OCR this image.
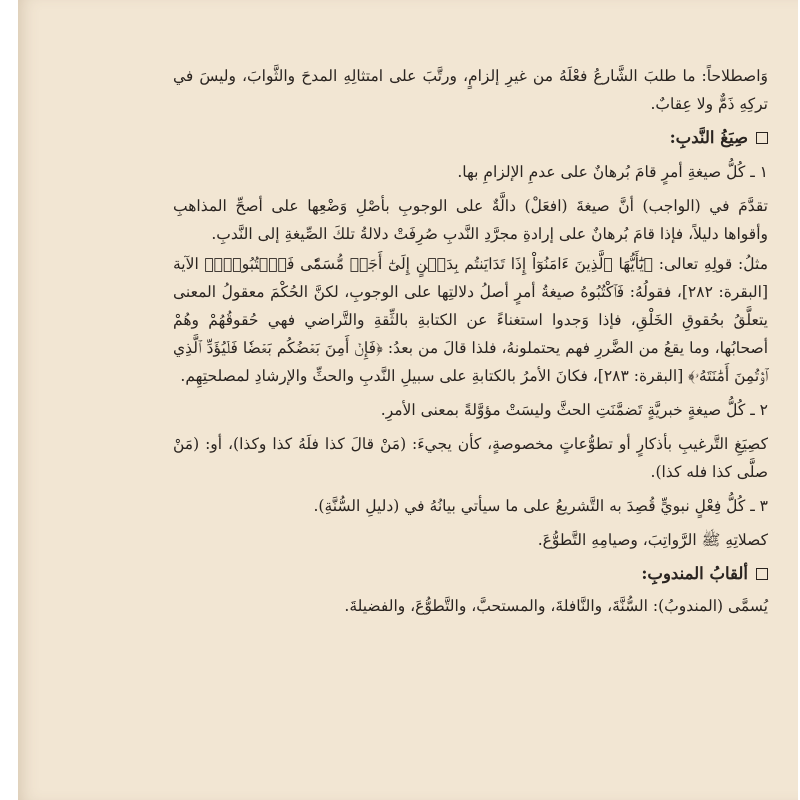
وَاصطلاحاً: ما طلبَ الشَّارعُ فعْلَهُ من غيرِ إلزامٍ، ورتَّبَ على امتثالِهِ المدحَ والثَّوابَ، وليسَ في تركِهِ ذَمٌّ ولا عِقابٌ.

صِيَغُ النَّدبِ:

١ ـ كُلُّ صيغةِ أمرٍ قامَ بُرهانٌ على عدمِ الإلزامِ بها.

تقدَّمَ في (الواجب) أنَّ صيغةَ (افعَلْ) دالَّةٌ على الوجوبِ بأصْلِ وَضْعِها على أصحِّ المذاهبِ وأقواها دليلاً، فإذا قامَ بُرهانٌ على إرادةِ مجرَّدِ النَّدبِ صُرِفَتْ دلالةُ تلكَ الصِّيغةِ إلى النَّدبِ.

مثلُ: قولِهِ تعالى: ﴿يَٰٓأَيُّهَا ٱلَّذِينَ ءَامَنُوٓاْ إِذَا تَدَايَنتُم بِدَيۡنٍ إِلَىٰٓ أَجَلٖ مُّسَمّٗى فَٱكۡتُبُوهُۚ﴾ الآية [البقرة: ٢٨٢]، فقولُهُ: فَٱكْتُبُوهُ صيغةُ أمرٍ أصلُ دلالتِها على الوجوبِ، لكنَّ الحُكْمَ معقولُ المعنى يتعلَّقُ بحُقوقِ الخَلْقِ، فإذا وَجدوا استغناءً عن الكتابةِ بالثِّقةِ والتَّراضي فهي حُقوقُهُمْ وهُمْ أصحابُها، وما يقعُ من الضَّررِ فهم يحتملونهُ، فلذا قالَ من بعدُ: ﴿فَإِنۡ أَمِنَ بَعۡضُكُم بَعۡضٗا فَلۡيُؤَدِّ ٱلَّذِي ٱؤۡتُمِنَ أَمَٰنَتَهُۥ﴾ [البقرة: ٢٨٣]، فكانَ الأمرُ بالكتابةِ على سبيلِ النَّدبِ والحثِّ والإرشادِ لمصلحتِهِم.

٢ ـ كُلُّ صيغةٍ خبريَّةٍ تَضمَّنَتِ الحثَّ وليسَتْ مؤوَّلةً بمعنى الأمرِ.

كصِيَغِ التَّرغيبِ بأذكارٍ أو تطوُّعاتٍ مخصوصةٍ، كأن يجيءَ: (مَنْ قالَ كذا فلَهُ كذا وكذا)، أو: (مَنْ صلَّى كذا فله كذا).

٣ ـ كُلُّ فِعْلٍ نبويٍّ قُصِدَ به التَّشريعُ على ما سيأتي بيانُهُ في (دليلِ السُّنَّةِ).

كصلاتِهِ ﷺ الرَّواتِبَ، وصيامِهِ التَّطوُّعَ.

ألقابُ المندوبِ:

يُسمَّى (المندوبُ): السُّنَّةَ، والنَّافلةَ، والمستحبَّ، والتَّطوُّعَ، والفضيلةَ.
